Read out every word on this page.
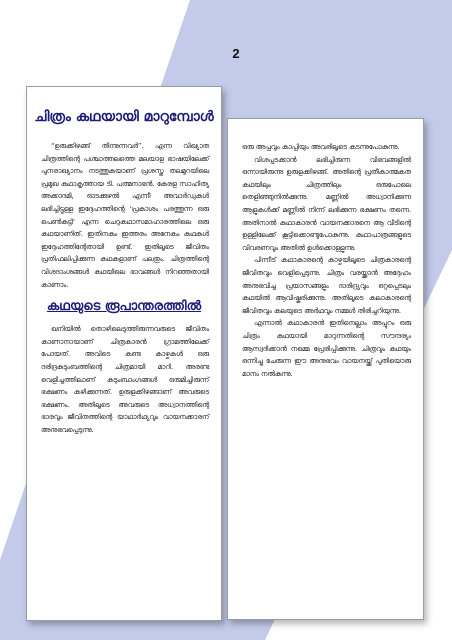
2
ചിത്രം കഥയായി മാറുമ്പോൾ

“ഉരുക്കിഴങ്ങ് തിന്നുന്നവർ”. എന്ന വിഖ്യാത ചിത്രത്തിന്റെ പശ്ചാത്തലത്തെ മലയാള ഭാഷയിലേക്ക് പുനരാഖ്യാനം നടത്തുകയാണ് പ്രശസ്ത തലമുറയിലെ പ്രമുഖ കഥാകൃത്തായ ടി. പത്മനാഭൻ. കേരള സാഹിത്യ അക്കാദമി, ഓടക്കുഴൽ എന്നീ അവാർഡുകൾ ലഭിച്ചിട്ടുള്ള ഇദ്ദേഹത്തിന്റെ 'പ്രകാശം പരത്തുന്ന ഒരു പെൺകുട്ടി' എന്ന ചെറുകഥാസമാഹാരത്തിലെ ഒരു കഥയാണിത്. ഇതിനകം ഇത്തരം അനേകം കഥകൾ ഇദ്ദേഹത്തിന്റേതായി ഉണ്ട്. ഇതിലൂടെ ജീവിതം പ്രതിഫലിപ്പിക്കുന്ന കഥകളാണ് പലതും. ചിത്രത്തിന്റെ വിശദാംശങ്ങൾ കഥയിലെ ഭാവങ്ങൾ നിറഞ്ഞതായി കാണാം.

കഥയുടെ രൂപാന്തരത്തിൽ

ഖനിയിൽ തൊഴിലെടുത്തിരുന്നവരുടെ ജീവിതം കാണാനായാണ് ചിത്രകാരൻ ഗ്രാമത്തിലേക്ക് പോയത്. അവിടെ കണ്ട കാഴ്ചകൾ ഒരു ദരിദ്രകുടുംബത്തിന്റെ ചിത്രമായി മാറി. അരണ്ട വെളിച്ചത്തിലാണ് കുടുംബാംഗങ്ങൾ ഒരുമിച്ചിരുന്ന് ഭക്ഷണം കഴിക്കുന്നത്. ഉരുളക്കിഴങ്ങാണ് അവരുടെ ഭക്ഷണം. അതിലൂടെ അവരുടെ അധ്വാനത്തിന്റെ ഭാരവും ജീവിതത്തിന്റെ യാഥാർഥ്യവും വായനക്കാരന് അനുഭവപ്പെടുന്നു.

ഒരു അപ്പവും കാപ്പിയും അവരിലൂടെ കടന്നുപോകുന്നു.

വിശപ്പടക്കാൻ ലഭിച്ചിരുന്ന വിഭവങ്ങളിൽ ഒന്നായിരുന്നു ഉരുളക്കിഴങ്ങ്. അതിന്റെ പ്രതീകാത്മകത കഥയിലും ചിത്രത്തിലും ഒരുപോലെ തെളിഞ്ഞുനിൽക്കുന്നു. മണ്ണിൽ അധ്വാനിക്കുന്ന ആളുകൾക്ക് മണ്ണിൽ നിന്ന് ലഭിക്കുന്ന ഭക്ഷണം തന്നെ. അതിനാൽ കഥാകാരൻ വായനക്കാരനെ ആ വീടിന്റെ ഉള്ളിലേക്ക് കൂട്ടിക്കൊണ്ടുപോകുന്നു. കഥാപാത്രങ്ങളുടെ വിവരണവും അതിൽ ഉൾക്കൊള്ളുന്നു.

പിന്നീട് കഥാകാരന്റെ കാഴ്ചയിലൂടെ ചിത്രകാരന്റെ ജീവിതവും വെളിപ്പെടുന്നു. ചിത്രം വരയ്ക്കാൻ അദ്ദേഹം അനുഭവിച്ച പ്രയാസങ്ങളും ദാരിദ്ര്യവും ഒറ്റപ്പെടലും കഥയിൽ ആവിഷ്കരിക്കുന്നു. അതിലൂടെ കലാകാരന്റെ ജീവിതവും കലയുടെ അർഥവും നമ്മൾ തിരിച്ചറിയുന്നു.

എന്നാൽ കഥാകാരൻ ഇതിനെല്ലാം അപ്പുറം ഒരു ചിത്രം കഥയായി മാറുന്നതിന്റെ സൗന്ദര്യം ആസ്വദിക്കാൻ നമ്മെ പ്രേരിപ്പിക്കുന്നു. ചിത്രവും കഥയും ഒന്നിച്ചു ചേരുന്ന ഈ അനുഭവം വായനയ്ക്ക് പുതിയൊരു മാനം നൽകുന്നു.
